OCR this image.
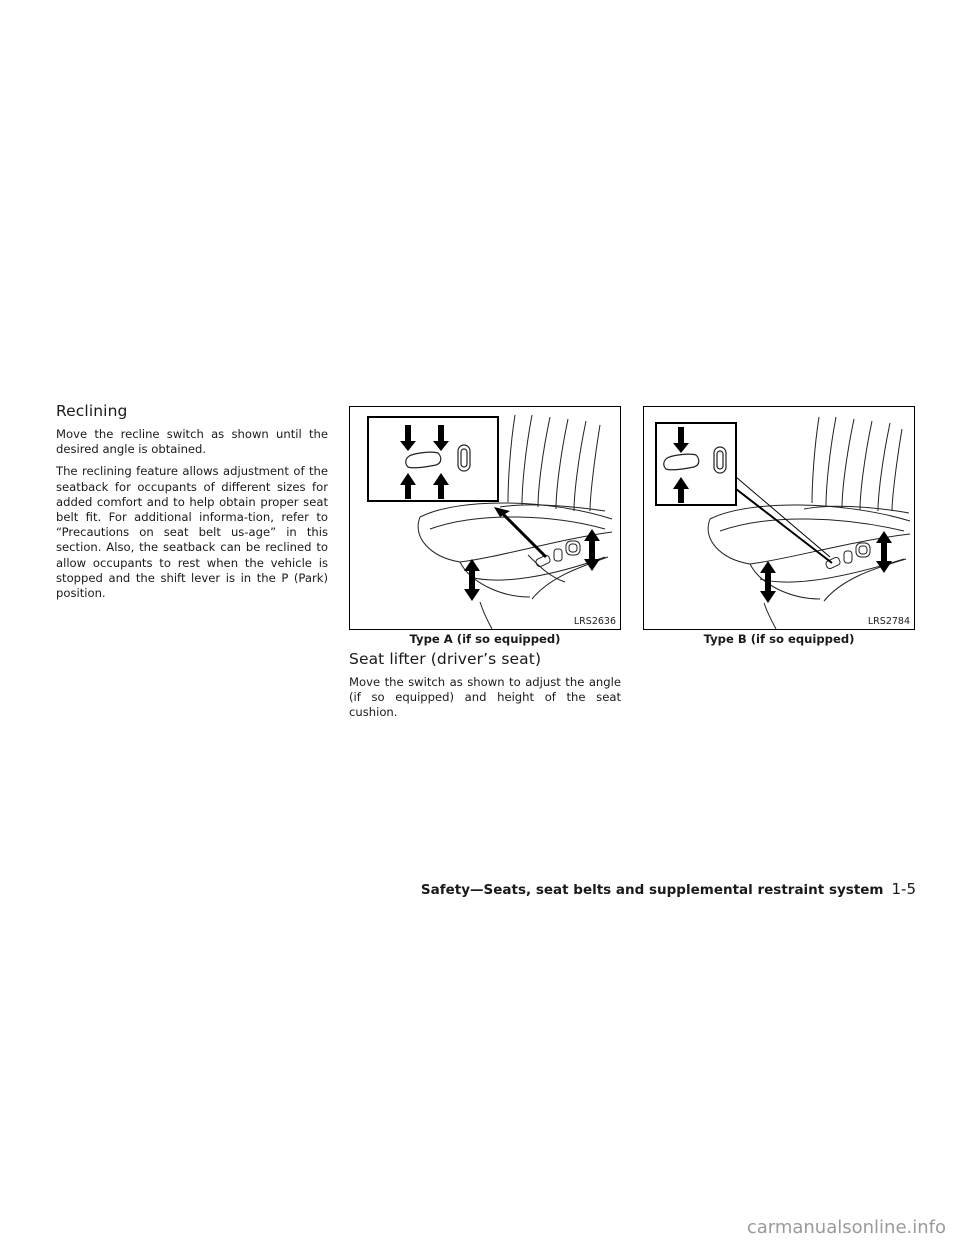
Reclining

Move the recline switch as shown until the desired angle is obtained.

The reclining feature allows adjustment of the seatback for occupants of different sizes for added comfort and to help obtain proper seat belt fit. For additional informa-tion, refer to “Precautions on seat belt us-age” in this section. Also, the seatback can be reclined to allow occupants to rest when the vehicle is stopped and the shift lever is in the P (Park) position.

LRS2636
Type A (if so equipped)
LRS2784
Type B (if so equipped)
Seat lifter (driver’s seat)

Move the switch as shown to adjust the angle (if so equipped) and height of the seat cushion.

Safety—Seats, seat belts and supplemental restraint system 1-5
carmanualsonline.info
